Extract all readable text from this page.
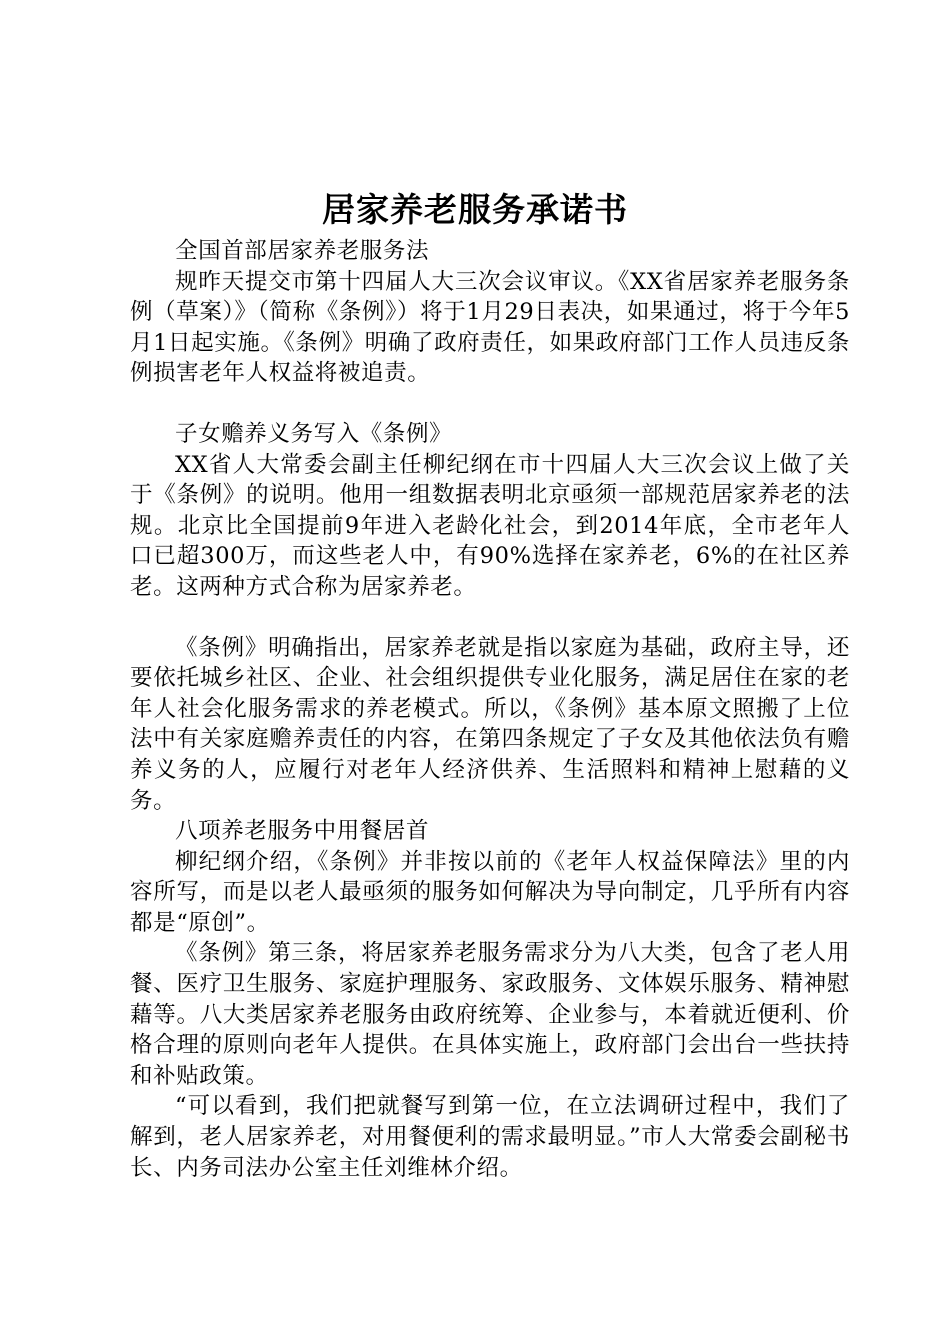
居家养老服务承诺书

全国首部居家养老服务法

规昨天提交市第十四届人大三次会议审议。《XX省居家养老服务条例（草案）》（简称《条例》）将于1月29日表决，如果通过，将于今年5月1日起实施。《条例》明确了政府责任，如果政府部门工作人员违反条例损害老年人权益将被追责。

子女赡养义务写入《条例》

XX省人大常委会副主任柳纪纲在市十四届人大三次会议上做了关于《条例》的说明。他用一组数据表明北京亟须一部规范居家养老的法规。北京比全国提前9年进入老龄化社会，到2014年底，全市老年人口已超300万，而这些老人中，有90%选择在家养老，6%的在社区养老。这两种方式合称为居家养老。

《条例》明确指出，居家养老就是指以家庭为基础，政府主导，还要依托城乡社区、企业、社会组织提供专业化服务，满足居住在家的老年人社会化服务需求的养老模式。所以，《条例》基本原文照搬了上位法中有关家庭赡养责任的内容，在第四条规定了子女及其他依法负有赡养义务的人，应履行对老年人经济供养、生活照料和精神上慰藉的义务。

八项养老服务中用餐居首

柳纪纲介绍，《条例》并非按以前的《老年人权益保障法》里的内容所写，而是以老人最亟须的服务如何解决为导向制定，几乎所有内容都是“原创”。

《条例》第三条，将居家养老服务需求分为八大类，包含了老人用餐、医疗卫生服务、家庭护理服务、家政服务、文体娱乐服务、精神慰藉等。八大类居家养老服务由政府统筹、企业参与，本着就近便利、价格合理的原则向老年人提供。在具体实施上，政府部门会出台一些扶持和补贴政策。

“可以看到，我们把就餐写到第一位，在立法调研过程中，我们了解到，老人居家养老，对用餐便利的需求最明显。”市人大常委会副秘书长、内务司法办公室主任刘维林介绍。
